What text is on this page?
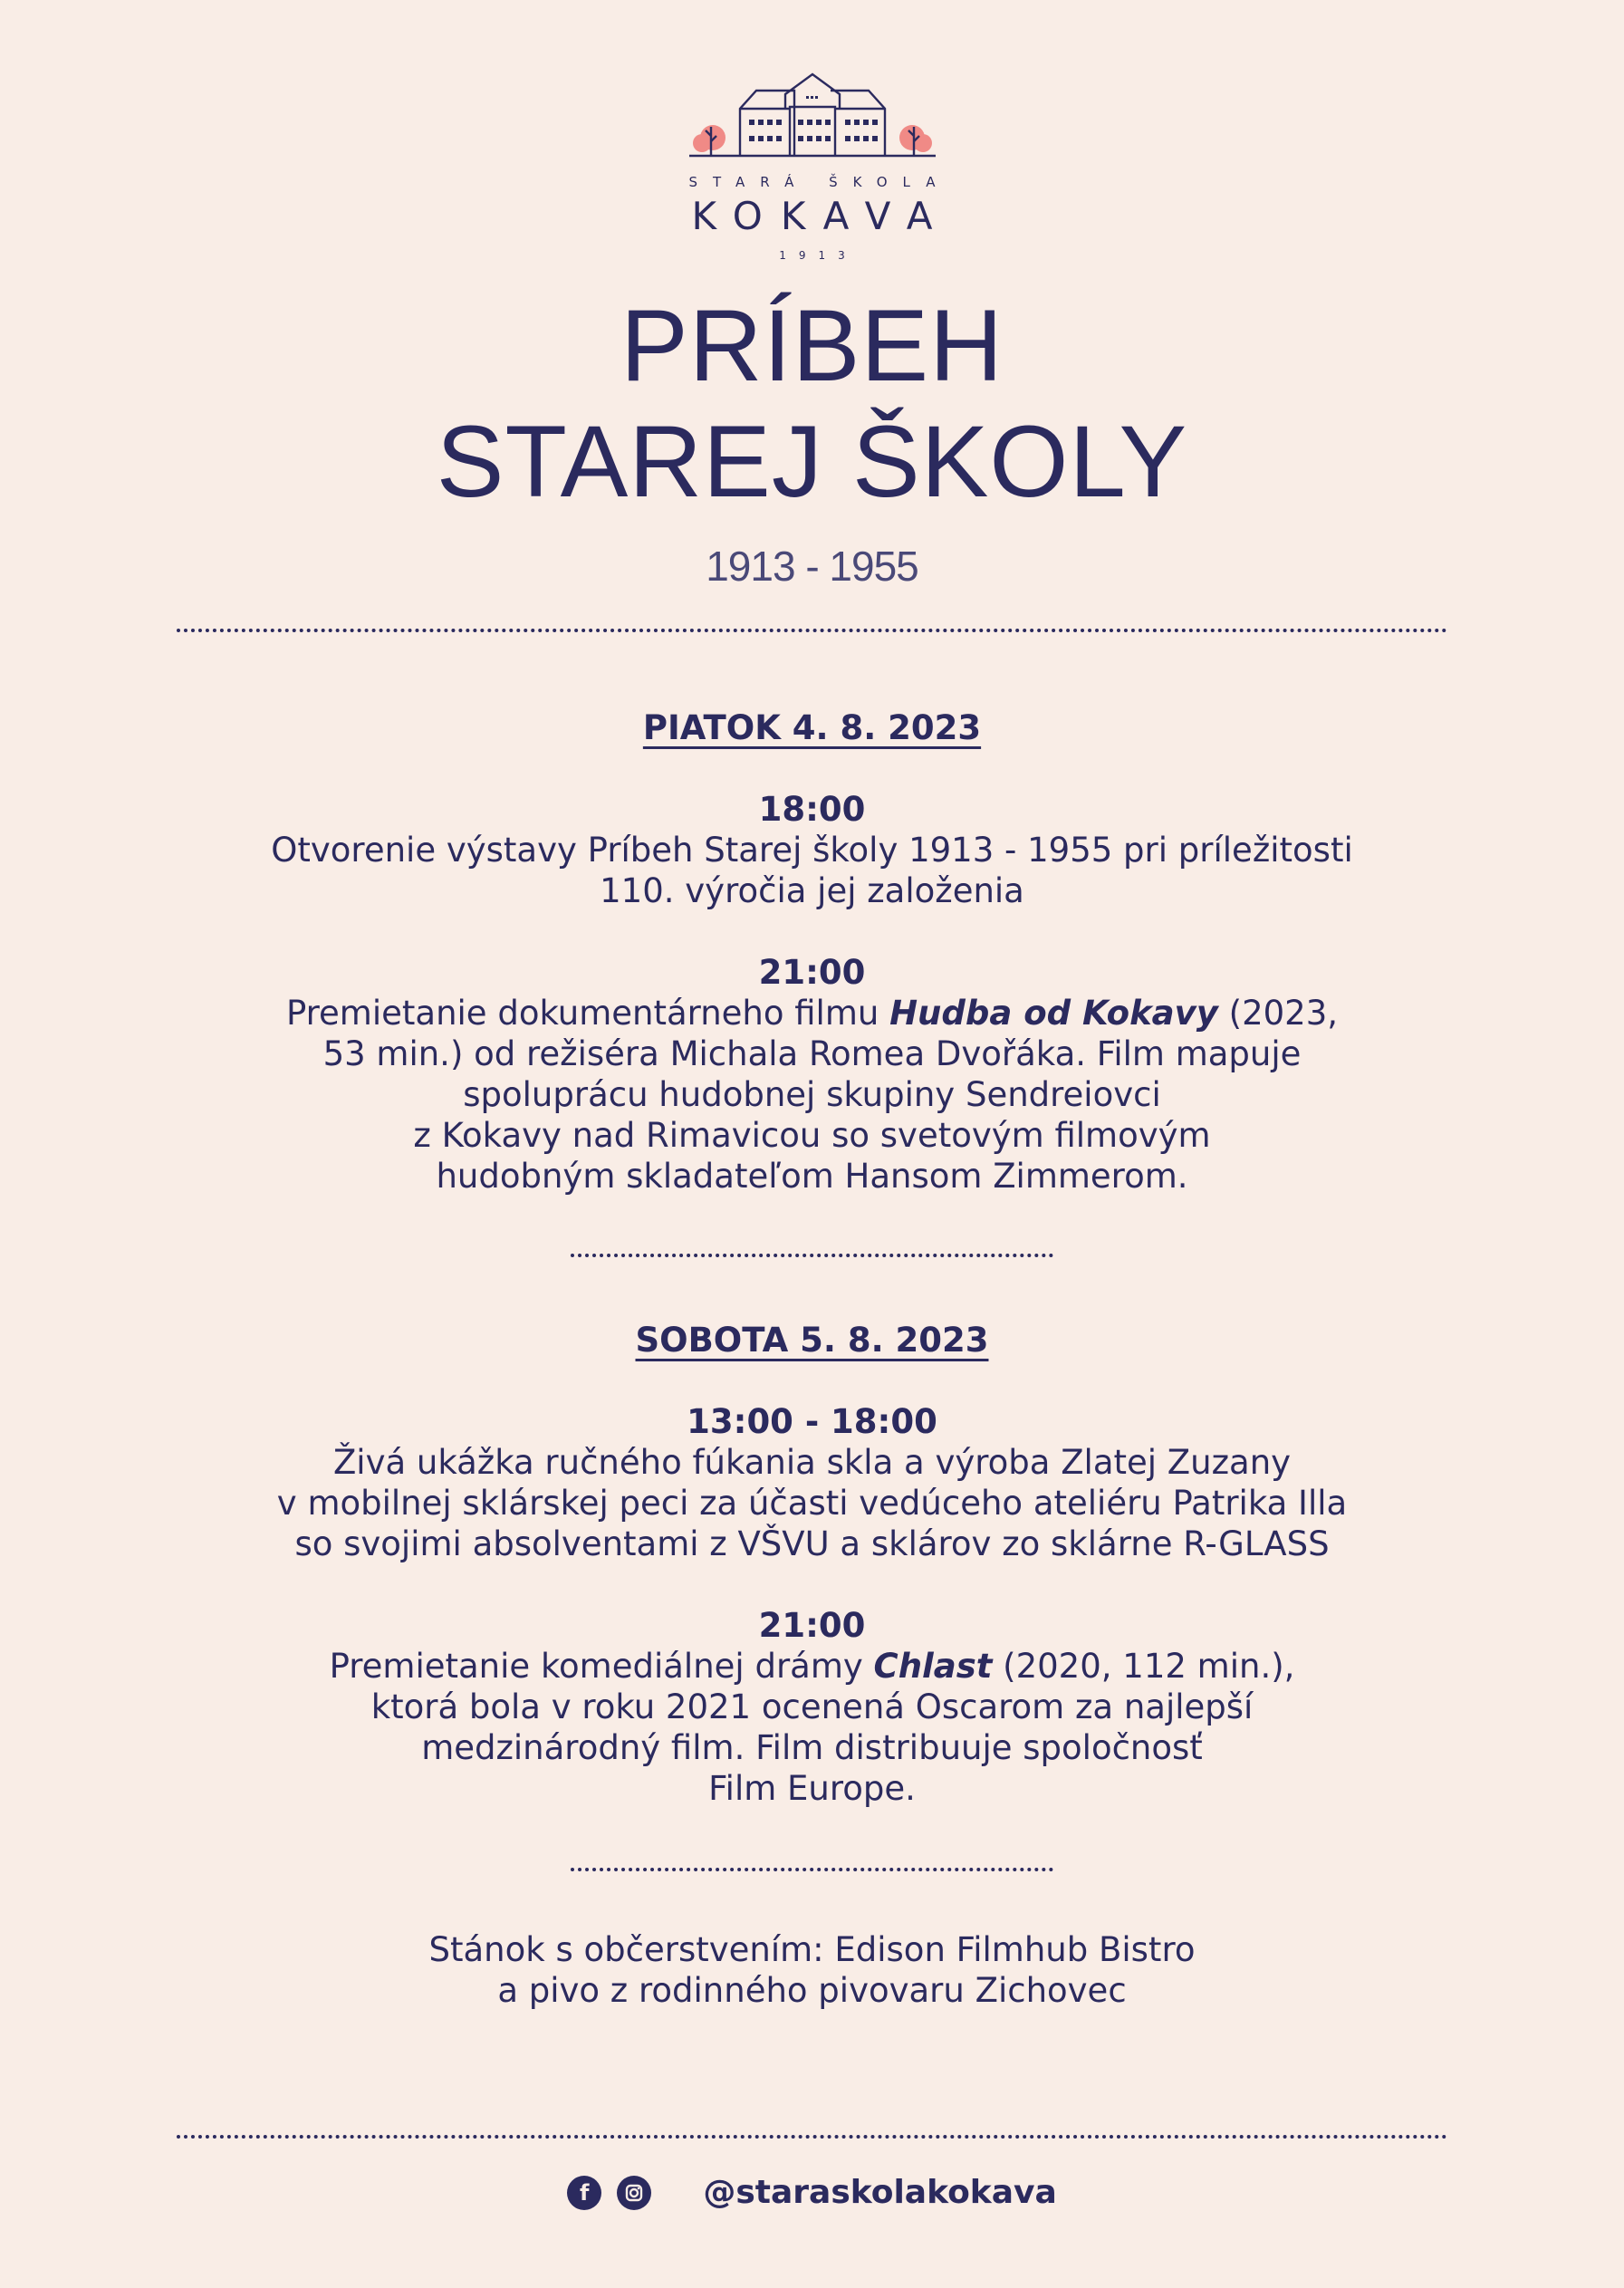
STARÁ ŠKOLA
KOKAVA
1913
PRÍBEH
STAREJ ŠKOLY
1913 - 1955
PIATOK 4. 8. 2023
18:00
Otvorenie výstavy Príbeh Starej školy 1913 - 1955 pri príležitosti
110. výročia jej založenia
21:00
Premietanie dokumentárneho filmu Hudba od Kokavy (2023,
53 min.) od režiséra Michala Romea Dvořáka. Film mapuje
spoluprácu hudobnej skupiny Sendreiovci
z Kokavy nad Rimavicou so svetovým filmovým
hudobným skladateľom Hansom Zimmerom.
SOBOTA 5. 8. 2023
13:00 - 18:00
Živá ukážka ručného fúkania skla a výroba Zlatej Zuzany
v mobilnej sklárskej peci za účasti vedúceho ateliéru Patrika Illa
so svojimi absolventami z VŠVU a sklárov zo sklárne R-GLASS
21:00
Premietanie komediálnej drámy Chlast (2020, 112 min.),
ktorá bola v roku 2021 ocenená Oscarom za najlepší
medzinárodný film. Film distribuuje spoločnosť
Film Europe.
Stánok s občerstvením: Edison Filmhub Bistro
a pivo z rodinného pivovaru Zichovec
f	@staraskolakokava
